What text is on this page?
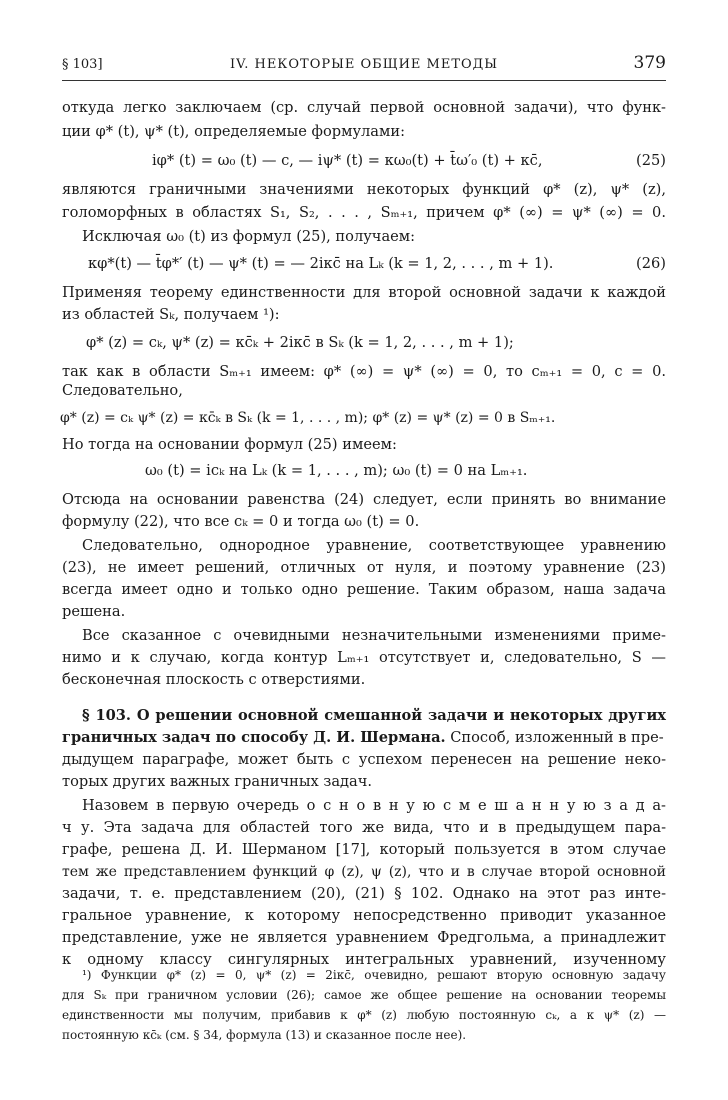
§ 103]	IV. НЕКОТОРЫЕ ОБЩИЕ МЕТОДЫ	379
откуда легко заключаем (ср. случай первой основной задачи), что функ-
ции φ* (t), ψ* (t), определяемые формулами:
iφ* (t) = ω₀ (t) — c, — iψ* (t) = κω₀(t) + t̄ω′₀ (t) + κc̄,	(25)
являются граничными значениями некоторых функций φ* (z), ψ* (z),
голоморфных в областях S₁, S₂, . . . , Sₘ₊₁, причем φ* (∞) = ψ* (∞) = 0.
Исключая ω₀ (t) из формул (25), получаем:
κφ*(t) — t̄φ*′ (t) — ψ* (t) = — 2iκc̄ на Lₖ (k = 1, 2, . . . , m + 1).	(26)
Применяя теорему единственности для второй основной задачи к каждой
из областей Sₖ, получаем ¹):
φ* (z) = cₖ, ψ* (z) = κc̄ₖ + 2iκc̄ в Sₖ (k = 1, 2, . . . , m + 1);
так как в области Sₘ₊₁ имеем: φ* (∞) = ψ* (∞) = 0, то cₘ₊₁ = 0, c = 0.
Следовательно,
φ* (z) = cₖ ψ* (z) = κc̄ₖ в Sₖ (k = 1, . . . , m); φ* (z) = ψ* (z) = 0 в Sₘ₊₁.
Но тогда на основании формул (25) имеем:
ω₀ (t) = icₖ на Lₖ (k = 1, . . . , m); ω₀ (t) = 0 на Lₘ₊₁.
Отсюда на основании равенства (24) следует, если принять во внимание
формулу (22), что все cₖ = 0 и тогда ω₀ (t) = 0.
Следовательно, однородное уравнение, соответствующее уравнению
(23), не имеет решений, отличных от нуля, и поэтому уравнение (23)
всегда имеет одно и только одно решение. Таким образом, наша задача
решена.
Все сказанное с очевидными незначительными изменениями приме-
нимо и к случаю, когда контур Lₘ₊₁ отсутствует и, следовательно, S —
бесконечная плоскость с отверстиями.
§ 103. О решении основной смешанной задачи и некоторых других
граничных задач по способу Д. И. Шермана. Способ, изложенный в пре-
дыдущем параграфе, может быть с успехом перенесен на решение неко-
торых других важных граничных задач.
Назовем в первую очередь о с н о в н у ю с м е ш а н н у ю з а д а-
ч у. Эта задача для областей того же вида, что и в предыдущем пара-
графе, решена Д. И. Шерманом [17], который пользуется в этом случае
тем же представлением функций φ (z), ψ (z), что и в случае второй основной
задачи, т. е. представлением (20), (21) § 102. Однако на этот раз инте-
гральное уравнение, к которому непосредственно приводит указанное
представление, уже не является уравнением Фредгольма, а принадлежит
к одному классу сингулярных интегральных уравнений, изученному
¹) Функции φ* (z) = 0, ψ* (z) = 2iκc̄, очевидно, решают вторую основную задачу
для Sₖ при граничном условии (26); самое же общее решение на основании теоремы
единственности мы получим, прибавив к φ* (z) любую постоянную cₖ, а к ψ* (z) —
постоянную κc̄ₖ (см. § 34, формула (13) и сказанное после нее).
